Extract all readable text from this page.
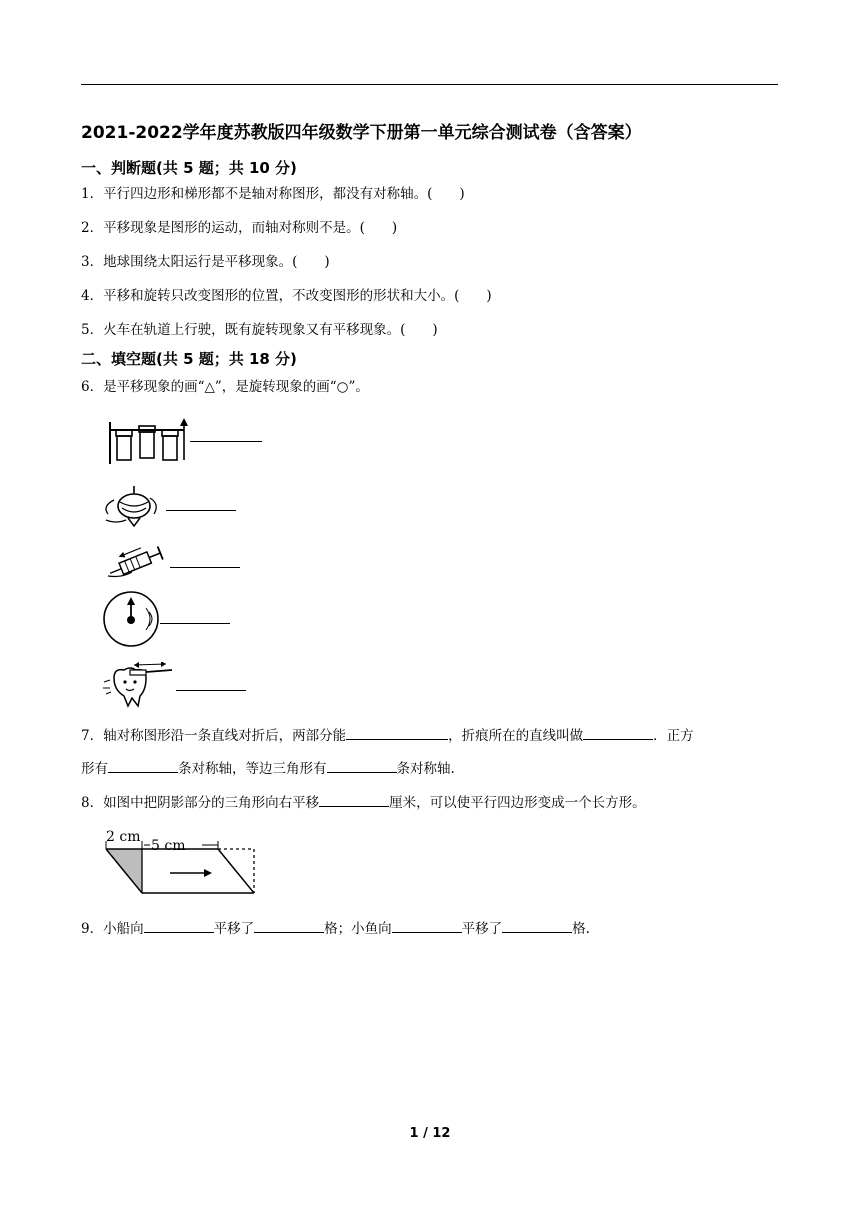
2021-2022学年度苏教版四年级数学下册第一单元综合测试卷（含答案）
一、判断题(共 5 题；共 10 分)
1．平行四边形和梯形都不是轴对称图形，都没有对称轴。(　　)
2．平移现象是图形的运动，而轴对称则不是。(　　)
3．地球围绕太阳运行是平移现象。(　　)
4．平移和旋转只改变图形的位置，不改变图形的形状和大小。(　　)
5．火车在轨道上行驶，既有旋转现象又有平移现象。(　　)
二、填空题(共 5 题；共 18 分)
6．是平移现象的画“△”，是旋转现象的画“○”。
7．轴对称图形沿一条直线对折后，两部分能	，折痕所在的直线叫做	．正方
形有	条对称轴，等边三角形有	条对称轴.
8．如图中把阴影部分的三角形向右平移	厘米，可以使平行四边形变成一个长方形。
2 cm
5 cm
9．小船向	平移了	格；小鱼向	平移了	格.
1 / 12
